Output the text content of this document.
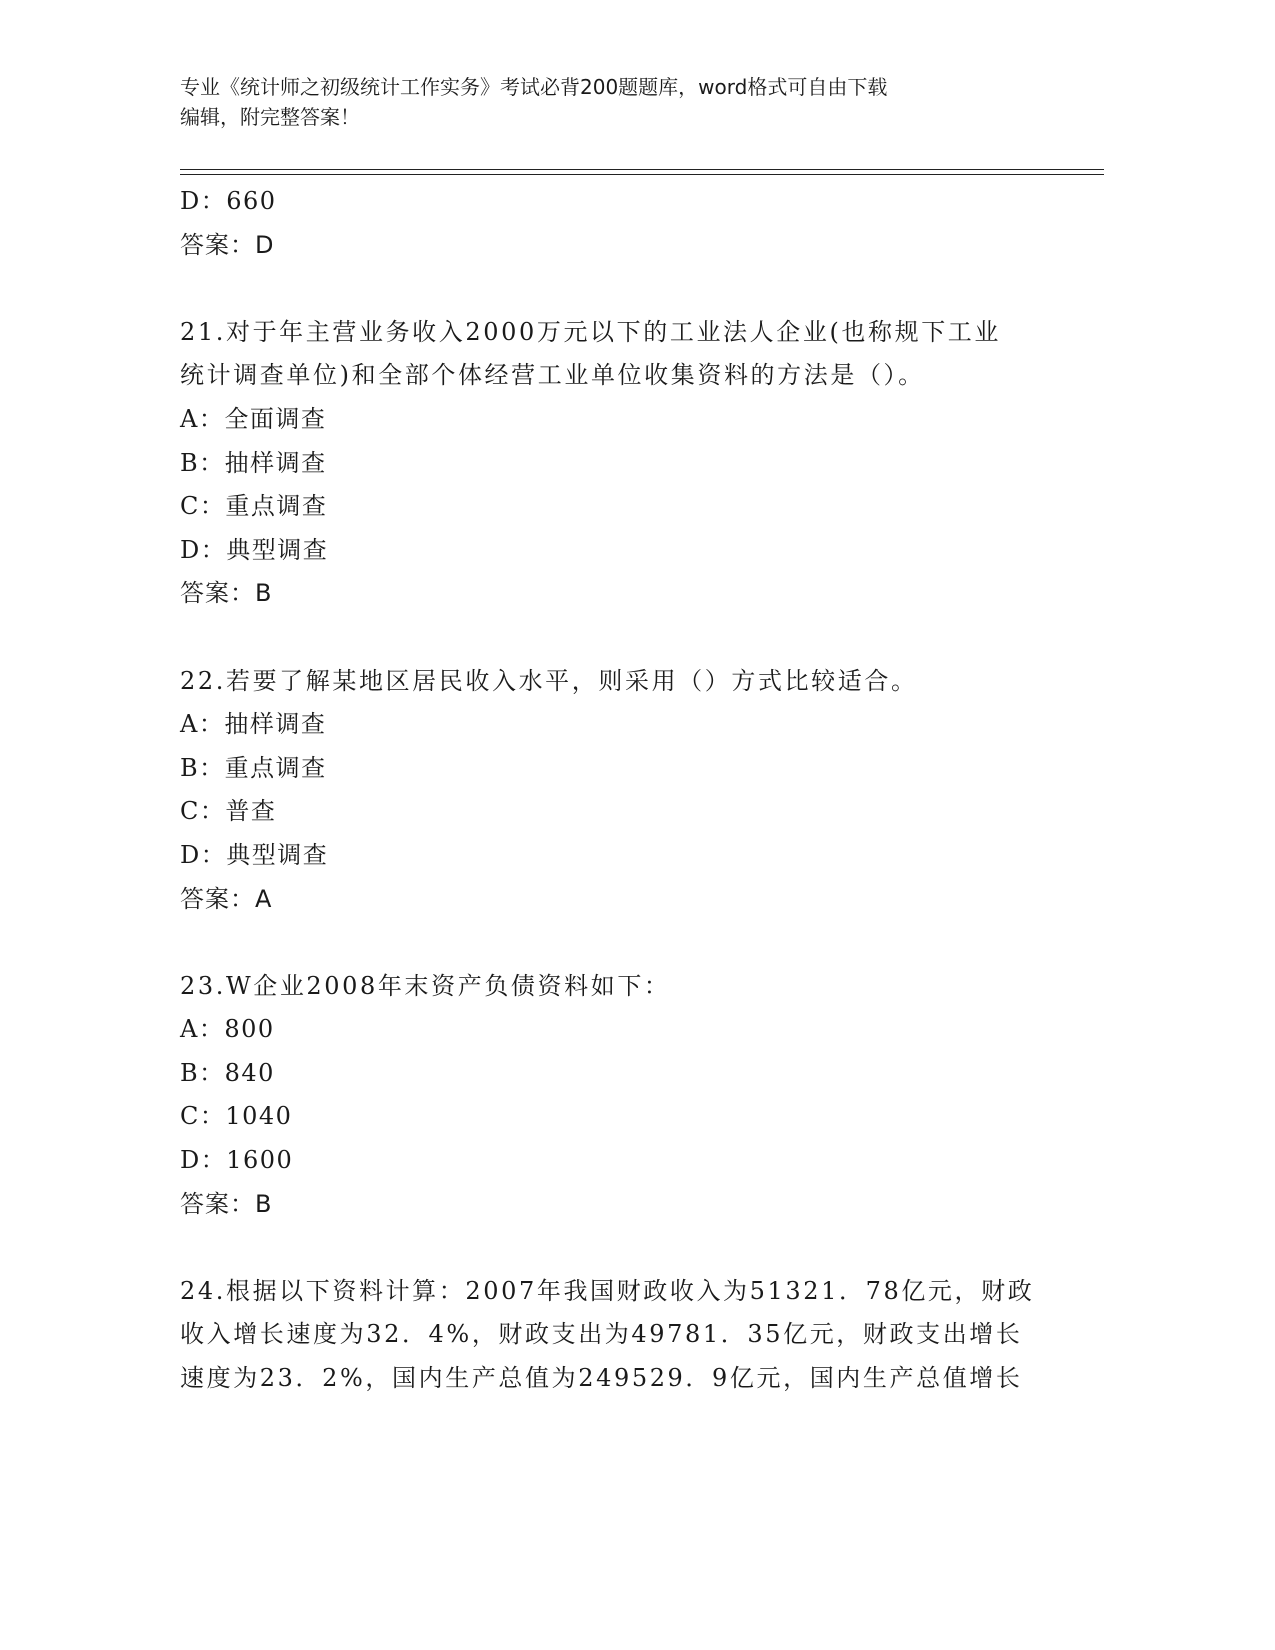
专业《统计师之初级统计工作实务》考试必背200题题库，word格式可自由下载
编辑，附完整答案！
D：660
答案：D
21.对于年主营业务收入2000万元以下的工业法人企业(也称规下工业
统计调查单位)和全部个体经营工业单位收集资料的方法是（）。
A：全面调查
B：抽样调查
C：重点调查
D：典型调查
答案：B
22.若要了解某地区居民收入水平，则采用（）方式比较适合。
A：抽样调查
B：重点调查
C：普查
D：典型调查
答案：A
23.W企业2008年末资产负债资料如下：
A：800
B：840
C：1040
D：1600
答案：B
24.根据以下资料计算：2007年我国财政收入为51321．78亿元，财政
收入增长速度为32．4%，财政支出为49781．35亿元，财政支出增长
速度为23．2%，国内生产总值为249529．9亿元，国内生产总值增长
